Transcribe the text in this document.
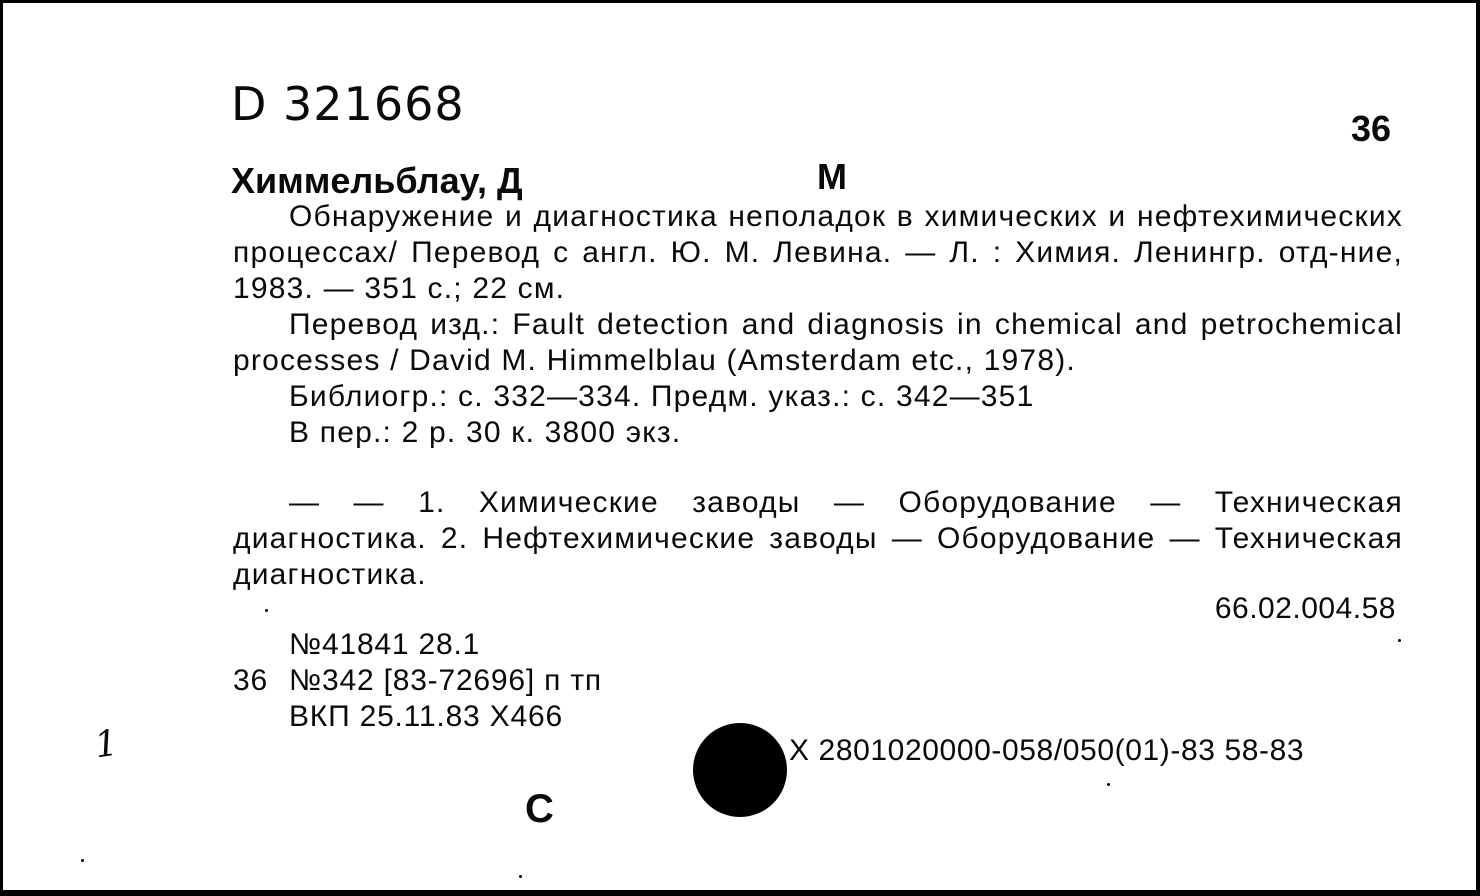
D 321668	36
Химмельблау, Д	М
Обнаружение и диагностика неполадок в химических и нефтехимических процессах/ Перевод с англ. Ю. М. Левина. — Л. : Химия. Ленингр. отд-ние, 1983. — 351 с.; 22 см.
Перевод изд.: Fault detection and diagnosis in chemical and petrochemical processes / David M. Himmelblau (Amsterdam etc., 1978).
Библиогр.: с. 332—334. Предм. указ.: с. 342—351
В пер.: 2 р. 30 к. 3800 экз.
— — 1. Химические заводы — Оборудование — Техническая диагностика. 2. Нефтехимические заводы — Оборудование — Техническая диагностика.
66.02.004.58
№41841 28.1
36 №342 [83-72696] п тп
ВКП 25.11.83 X466
1	X 2801020000-058/050(01)-83 58-83
С
